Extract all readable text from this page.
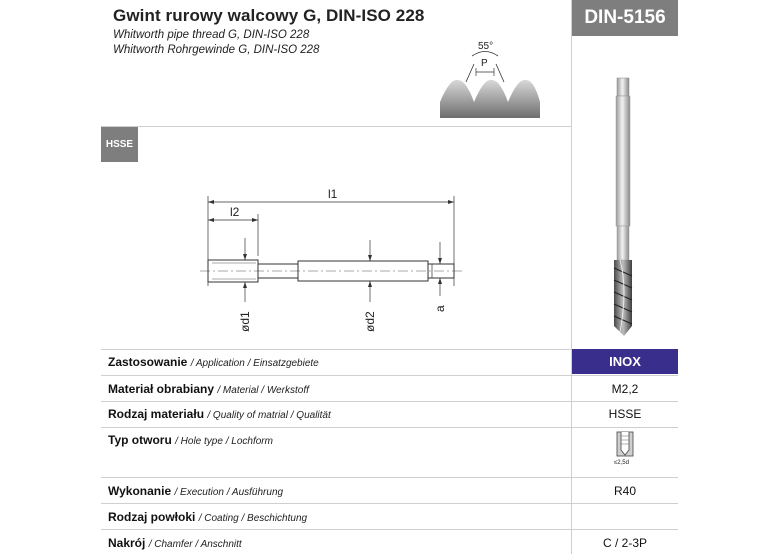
Gwint rurowy walcowy G, DIN-ISO 228
Whitworth pipe thread G, DIN-ISO 228
Whitworth Rohrgewinde G, DIN-ISO 228
DIN-5156
55°
P
HSSE
l1
l2
ød1	ød2
a
Zastosowanie / Application / Einsatzgebiete	INOX
Materiał obrabiany / Material / Werkstoff	M2,2
Rodzaj materiału / Quality of matrial / Qualität	HSSE
Typ otworu / Hole type / Lochform
≤2,5d
Wykonanie / Execution / Ausführung	R40
Rodzaj powłoki / Coating / Beschichtung
Nakrój / Chamfer / Anschnitt	C / 2-3P
